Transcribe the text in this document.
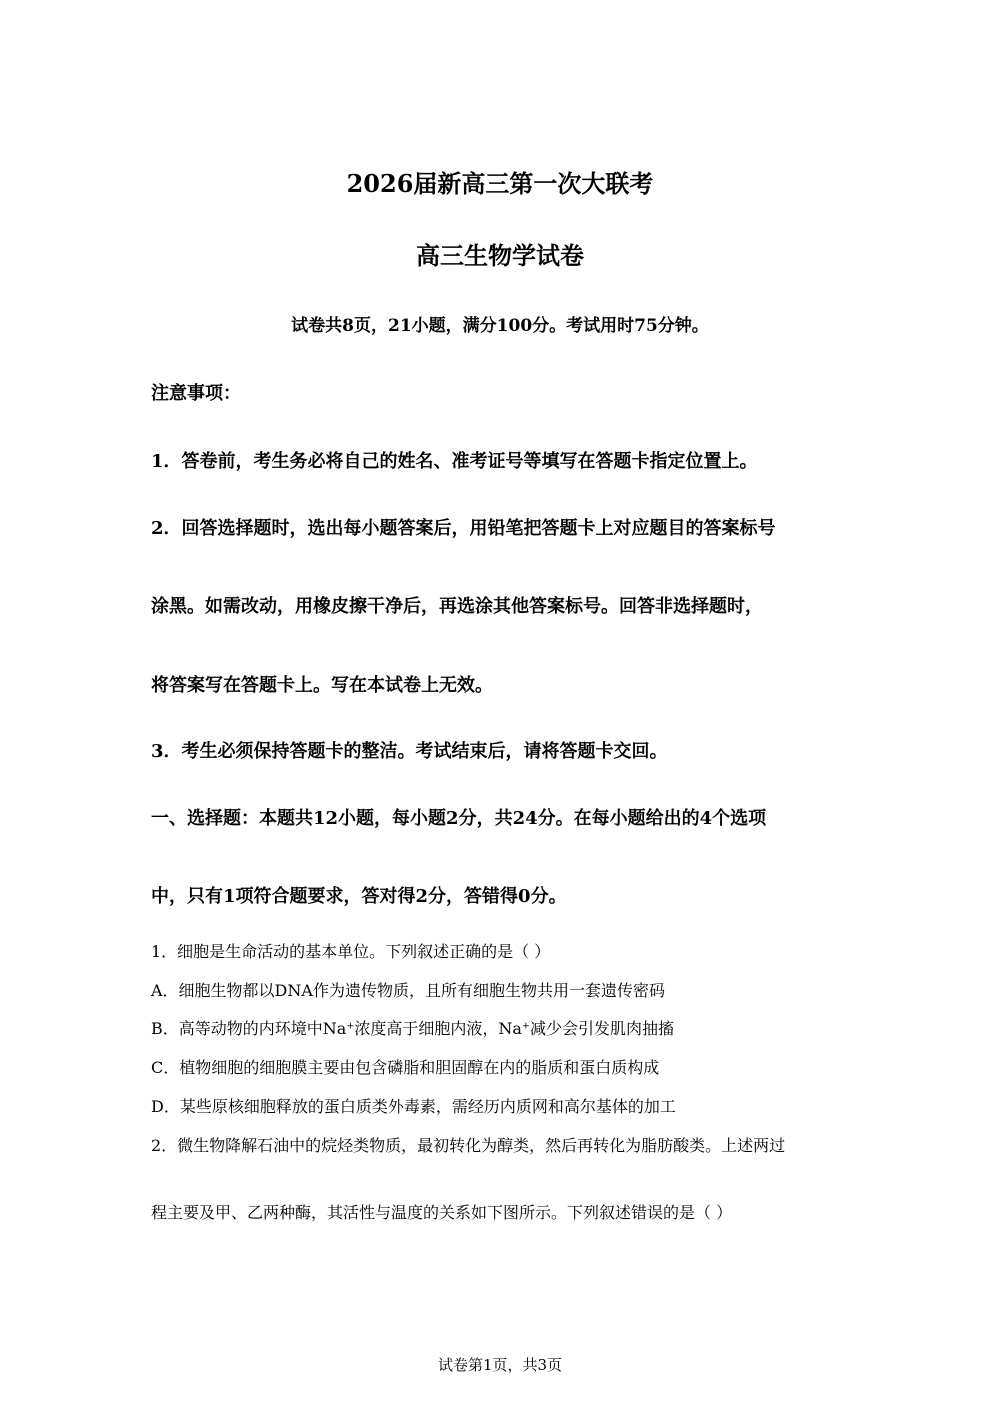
2026届新高三第一次大联考
高三生物学试卷
试卷共8页，21小题，满分100分。考试用时75分钟。
注意事项：
1．答卷前，考生务必将自己的姓名、准考证号等填写在答题卡指定位置上。
2．回答选择题时，选出每小题答案后，用铅笔把答题卡上对应题目的答案标号
涂黑。如需改动，用橡皮擦干净后，再选涂其他答案标号。回答非选择题时，
将答案写在答题卡上。写在本试卷上无效。
3．考生必须保持答题卡的整洁。考试结束后，请将答题卡交回。
一、选择题：本题共12小题，每小题2分，共24分。在每小题给出的4个选项
中，只有1项符合题要求，答对得2分，答错得0分。
1．细胞是生命活动的基本单位。下列叙述正确的是（ ）
A．细胞生物都以DNA作为遗传物质，且所有细胞生物共用一套遗传密码
B．高等动物的内环境中Na+浓度高于细胞内液，Na+减少会引发肌肉抽搐
C．植物细胞的细胞膜主要由包含磷脂和胆固醇在内的脂质和蛋白质构成
D．某些原核细胞释放的蛋白质类外毒素，需经历内质网和高尔基体的加工
2．微生物降解石油中的烷烃类物质，最初转化为醇类，然后再转化为脂肪酸类。上述两过
程主要及甲、乙两种酶，其活性与温度的关系如下图所示。下列叙述错误的是（ ）
试卷第1页，共3页
